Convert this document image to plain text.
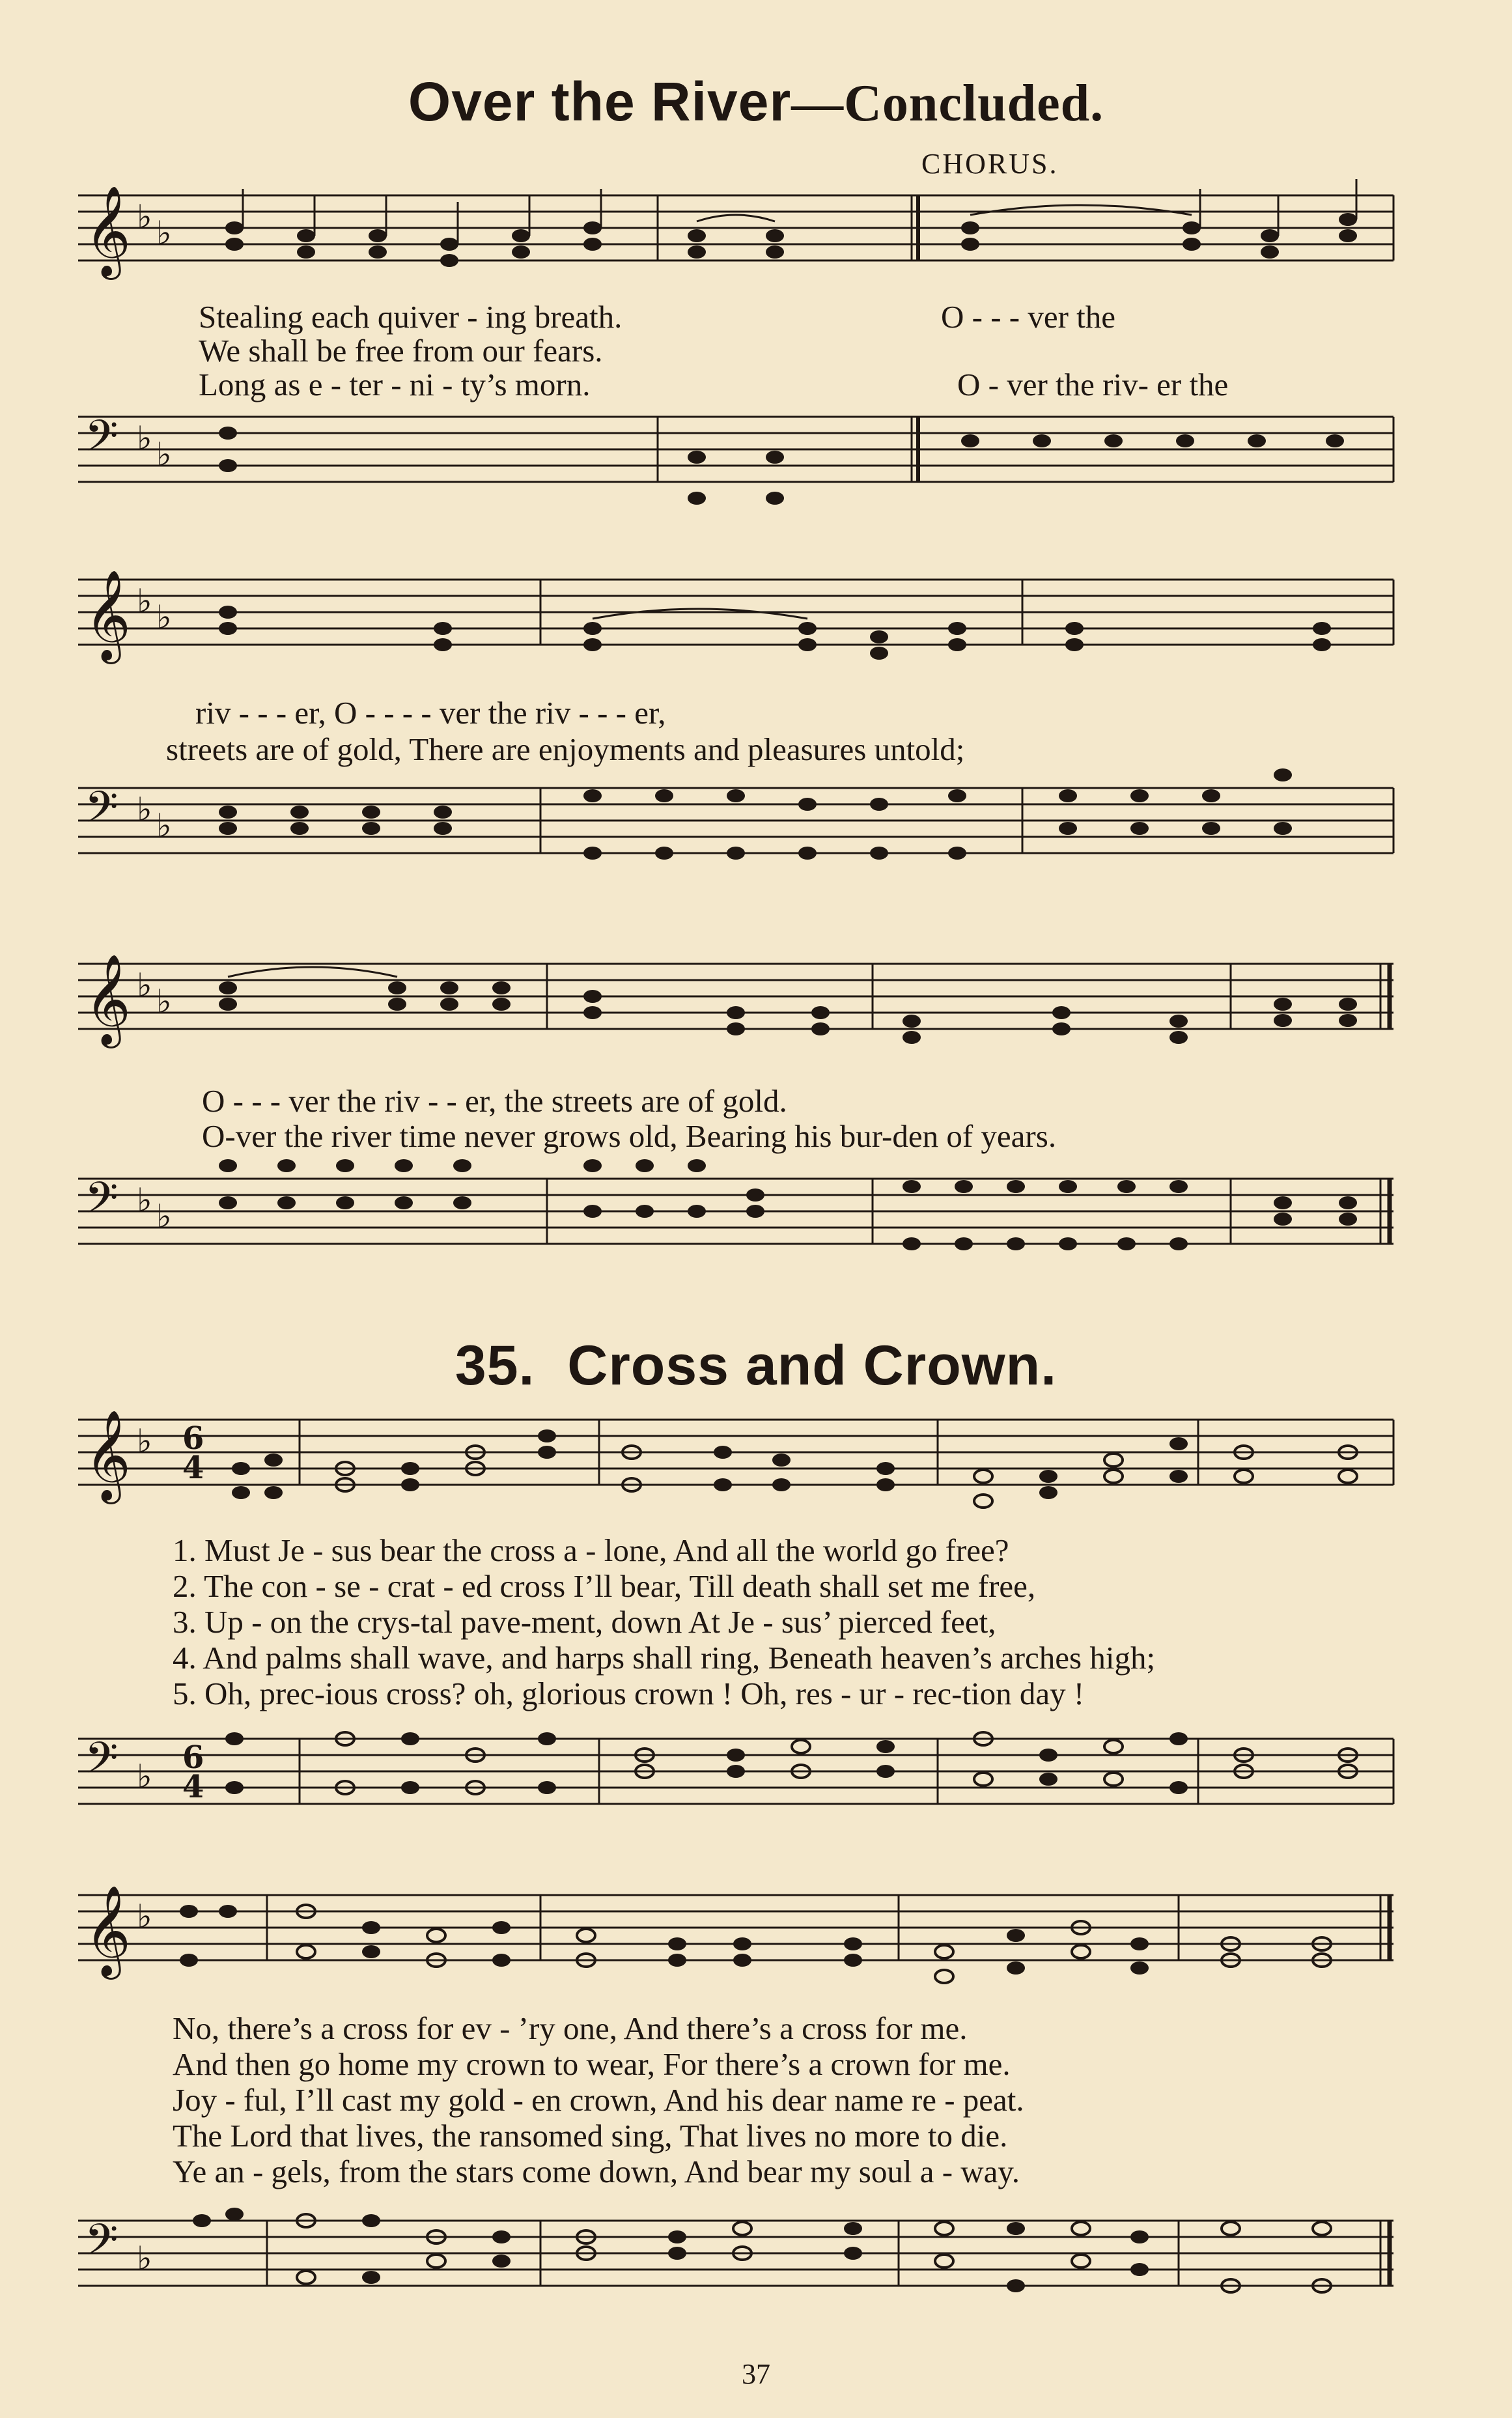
Over the River—Concluded.
CHORUS.
𝄞 ♭ ♭
Stealing each quiver - ing breath.	O - - - ver the
We shall be free from our fears.
Long as e - ter - ni - ty’s morn.	O - ver the riv- er the
𝄢 ♭ ♭
𝄞 ♭ ♭
riv - - - er, O - - - - ver the riv - - - er,
streets are of gold, There are enjoyments and pleasures untold;
𝄢 ♭ ♭
𝄞 ♭ ♭
O - - - ver the riv - - er, the streets are of gold.
O-ver the river time never grows old, Bearing his bur-den of years.
𝄢 ♭ ♭
35. Cross and Crown.
𝄞 ♭ 6
4
1. Must Je - sus bear the cross a - lone, And all the world go free?
2. The con - se - crat - ed cross I’ll bear, Till death shall set me free,
3. Up - on the crys-tal pave-ment, down At Je - sus’ pierced feet,
4. And palms shall wave, and harps shall ring, Beneath heaven’s arches high;
5. Oh, prec-ious cross? oh, glorious crown ! Oh, res - ur - rec-tion day !
𝄢 ♭ 6
4
𝄞 ♭
No, there’s a cross for ev - ’ry one, And there’s a cross for me.
And then go home my crown to wear, For there’s a crown for me.
Joy - ful, I’ll cast my gold - en crown, And his dear name re - peat.
The Lord that lives, the ransomed sing, That lives no more to die.
Ye an - gels, from the stars come down, And bear my soul a - way.
𝄢 ♭
37
